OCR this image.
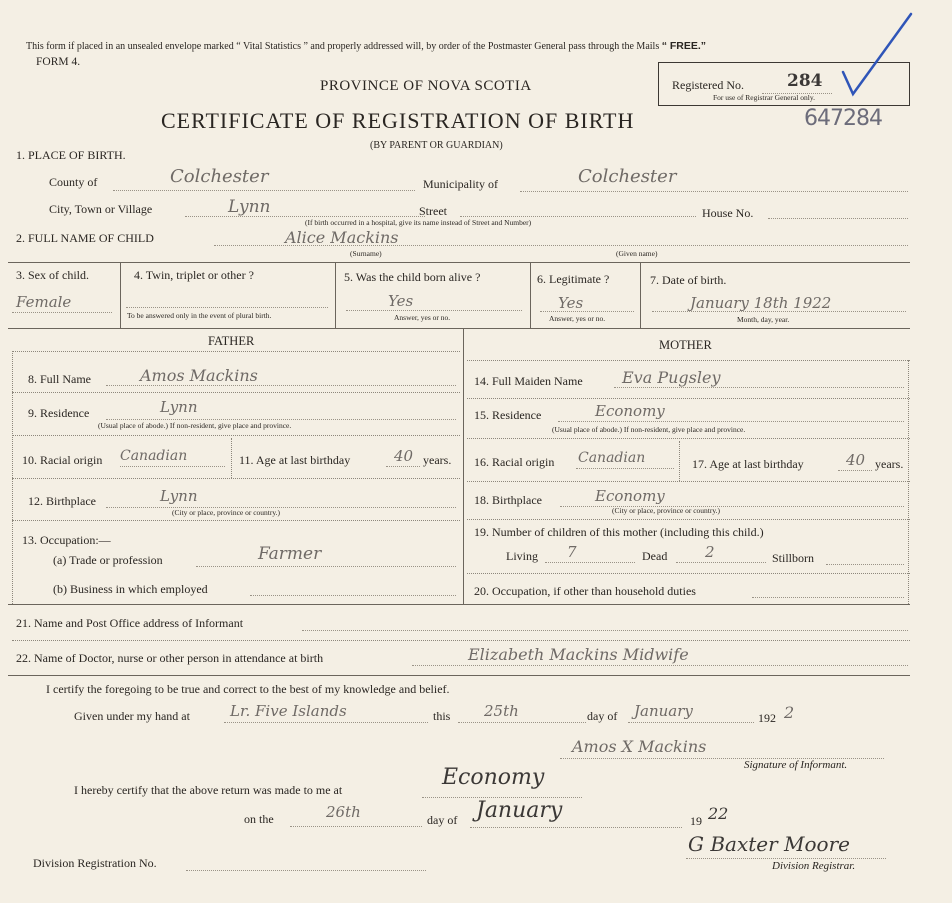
This form if placed in an unsealed envelope marked “ Vital Statistics ” and properly addressed will, by order of the Postmaster General pass through the Mails “ FREE.”
FORM 4.
Registered No.	284
For use of Registrar General only.
647284
PROVINCE OF NOVA SCOTIA
CERTIFICATE OF REGISTRATION OF BIRTH
(BY PARENT OR GUARDIAN)
1. PLACE OF BIRTH.
County of	Colchester	Municipality of	Colchester
City, Town or Village	Lynn	Street
(If birth occurred in a hospital, give its name instead of Street and Number)
House No.
2. FULL NAME OF CHILD	Alice Mackins
(Surname)	(Given name)
3. Sex of child.
Female
4. Twin, triplet or other ?
To be answered only in the event of plural birth.
5. Was the child born alive ?
Yes
Answer, yes or no.
6. Legitimate ?
Yes
Answer, yes or no.
7. Date of birth.
January 18th 1922
Month, day, year.
FATHER	MOTHER
8. Full Name	Amos Mackins
9. Residence	Lynn
(Usual place of abode.) If non-resident, give place and province.
10. Racial origin Canadian	11. Age at last birthday	40 years.
12. Birthplace	Lynn
(City or place, province or country.)
13. Occupation:—
(a) Trade or profession	Farmer
(b) Business in which employed
14. Full Maiden Name Eva Pugsley
15. Residence	Economy
(Usual place of abode.) If non-resident, give place and province.
16. Racial origin Canadian	17. Age at last birthday	40 years.
18. Birthplace	Economy
(City or place, province or country.)
19. Number of children of this mother (including this child.)
Living 7	Dead	2	Stillborn
20. Occupation, if other than household duties
21. Name and Post Office address of Informant
22. Name of Doctor, nurse or other person in attendance at birth	Elizabeth Mackins Midwife
I certify the foregoing to be true and correct to the best of my knowledge and belief.
Given under my hand at	Lr. Five Islands	this 25th	day of January	192 2
Amos X Mackins
Signature of Informant.
I hereby certify that the above return was made to me at	Economy
on the	26th	day of January	19 22
G Baxter Moore
Division Registrar.
Division Registration No.
